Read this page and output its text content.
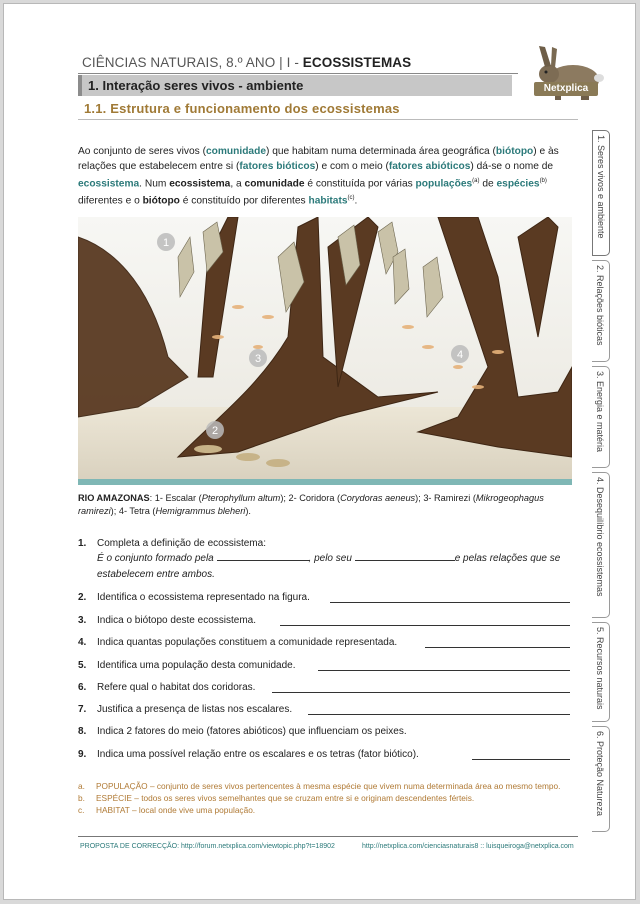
CIÊNCIAS NATURAIS, 8.º ANO | I - ECOSSISTEMAS
1. Interação seres vivos - ambiente
1.1. Estrutura e funcionamento dos ecossistemas
Netxplica
Ao conjunto de seres vivos (comunidade) que habitam numa determinada área geográfica (biótopo) e às relações que estabelecem entre si (fatores bióticos) e com o meio (fatores abióticos) dá-se o nome de ecossistema. Num ecossistema, a comunidade é constituída por várias populações$^{(a)}$ de espécies$^{(b)}$ diferentes e o biótopo é constituído por diferentes habitats$^{(c)}$.
1
2
3	4
RIO AMAZONAS: 1- Escalar (Pterophyllum altum); 2- Coridora (Corydoras aeneus); 3- Ramirezi (Mikrogeophagus ramirezi); 4- Tetra (Hemigrammus bleheri).
1. Completa a definição de ecossistema:
É o conjunto formado pela	, pelo seu	e pelas relações que se
estabelecem entre ambos.
2. Identifica o ecossistema representado na figura.
3. Indica o biótopo deste ecossistema.
4. Indica quantas populações constituem a comunidade representada.
5. Identifica uma população desta comunidade.
6. Refere qual o habitat dos coridoras.
7. Justifica a presença de listas nos escalares.
8. Indica 2 fatores do meio (fatores abióticos) que influenciam os peixes.
9. Indica uma possível relação entre os escalares e os tetras (fator biótico).
a. POPULAÇÃO – conjunto de seres vivos pertencentes à mesma espécie que vivem numa determinada área ao mesmo tempo.
b. ESPÉCIE – todos os seres vivos semelhantes que se cruzam entre si e originam descendentes férteis.
c. HABITAT – local onde vive uma população.
PROPOSTA DE CORRECÇÃO: http://forum.netxplica.com/viewtopic.php?t=18902	http://netxplica.com/cienciasnaturais8 :: luisqueiroga@netxplica.com
1. Seres vivos e ambiente
2. Relações bióticas
3. Energia e matéria
4. Desequilíbrio ecossistemas
5. Recursos naturais
6. Proteção Natureza
